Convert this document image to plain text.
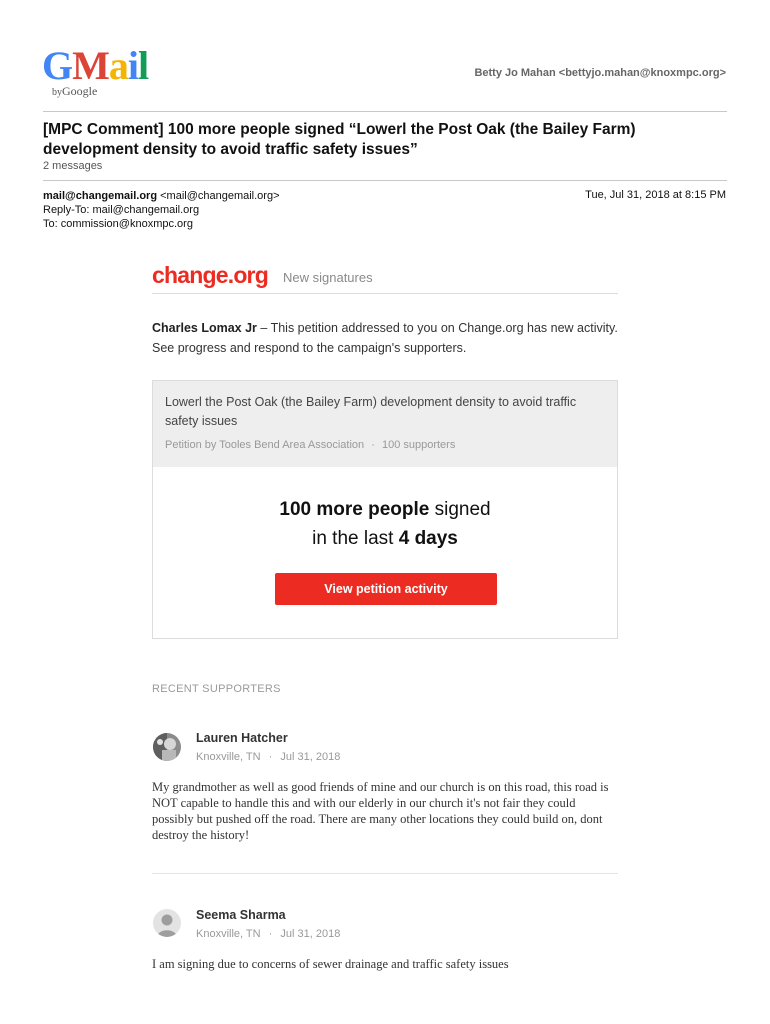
GMail
byGoogle
Betty Jo Mahan <bettyjo.mahan@knoxmpc.org>
[MPC Comment] 100 more people signed “Lowerl the Post Oak (the Bailey Farm) development density to avoid traffic safety issues”
2 messages
mail@changemail.org <mail@changemail.org>
Reply-To: mail@changemail.org
To: commission@knoxmpc.org
Tue, Jul 31, 2018 at 8:15 PM
change.org New signatures
Charles Lomax Jr – This petition addressed to you on Change.org has new activity. See progress and respond to the campaign's supporters.
Lowerl the Post Oak (the Bailey Farm) development density to avoid traffic safety issues
Petition by Tooles Bend Area Association · 100 supporters
100 more people signed
in the last 4 days
View petition activity
RECENT SUPPORTERS
Lauren Hatcher
Knoxville, TN · Jul 31, 2018
My grandmother as well as good friends of mine and our church is on this road, this road is NOT capable to handle this and with our elderly in our church it's not fair they could possibly but pushed off the road. There are many other locations they could build on, dont destroy the history!
Seema Sharma
Knoxville, TN · Jul 31, 2018
I am signing due to concerns of sewer drainage and traffic safety issues
